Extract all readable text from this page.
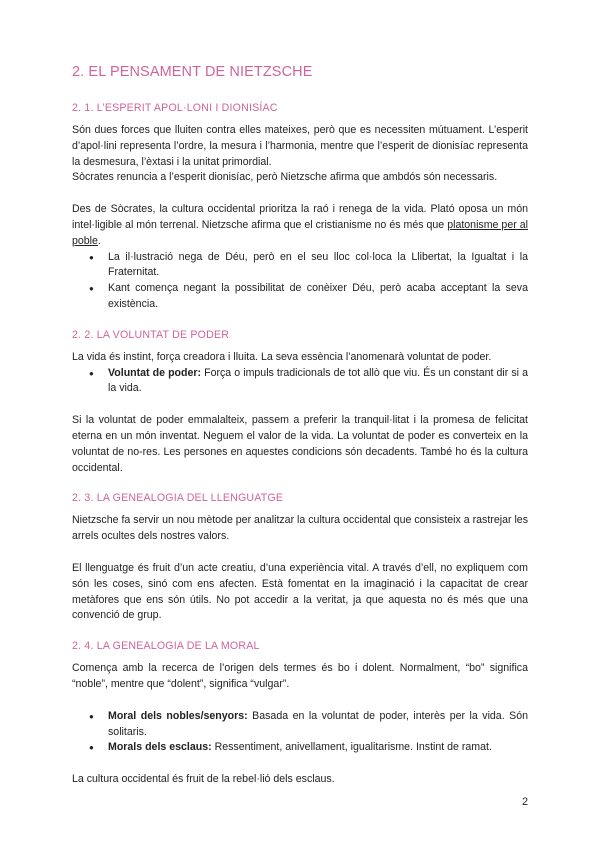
2. EL PENSAMENT DE NIETZSCHE
2. 1. L’ESPERIT APOL·LONI I DIONISÍAC

Són dues forces que lluiten contra elles mateixes, però que es necessiten mútuament. L’esperit d’apol·lini representa l’ordre, la mesura i l’harmonia, mentre que l’esperit de dionisíac representa la desmesura, l’èxtasi i la unitat primordial.

Sòcrates renuncia a l’esperit dionisíac, però Nietzsche afirma que ambdós són necessaris.

Des de Sòcrates, la cultura occidental prioritza la raó i renega de la vida. Plató oposa un món intel·ligible al món terrenal. Nietzsche afirma que el cristianisme no és més que platonisme per al poble.

● La il·lustració nega de Déu, però en el seu lloc col·loca la Llibertat, la Igualtat i la Fraternitat.
● Kant comença negant la possibilitat de conèixer Déu, però acaba acceptant la seva existència.
2. 2. LA VOLUNTAT DE PODER

La vida és instint, força creadora i lluita. La seva essència l’anomenarà voluntat de poder.

● Voluntat de poder: Força o impuls tradicionals de tot allò que viu. És un constant dir si a la vida.

Si la voluntat de poder emmalalteix, passem a preferir la tranquil·litat i la promesa de felicitat eterna en un món inventat. Neguem el valor de la vida. La voluntat de poder es converteix en la voluntat de no-res. Les persones en aquestes condicions són decadents. També ho és la cultura occidental.

2. 3. LA GENEALOGIA DEL LLENGUATGE

Nietzsche fa servir un nou mètode per analitzar la cultura occidental que consisteix a rastrejar les arrels ocultes dels nostres valors.

El llenguatge és fruit d’un acte creatiu, d’una experiència vital. A través d’ell, no expliquem com són les coses, sinó com ens afecten. Està fomentat en la imaginació i la capacitat de crear metàfores que ens són útils. No pot accedir a la veritat, ja que aquesta no és més que una convenció de grup.

2. 4. LA GENEALOGIA DE LA MORAL

Comença amb la recerca de l’origen dels termes és bo i dolent. Normalment, “bo” significa “noble”, mentre que “dolent”, significa “vulgar”.

● Moral dels nobles/senyors: Basada en la voluntat de poder, interès per la vida. Són solitaris.
● Morals dels esclaus: Ressentiment, anivellament, igualitarisme. Instint de ramat.

La cultura occidental és fruit de la rebel·lió dels esclaus.

2
